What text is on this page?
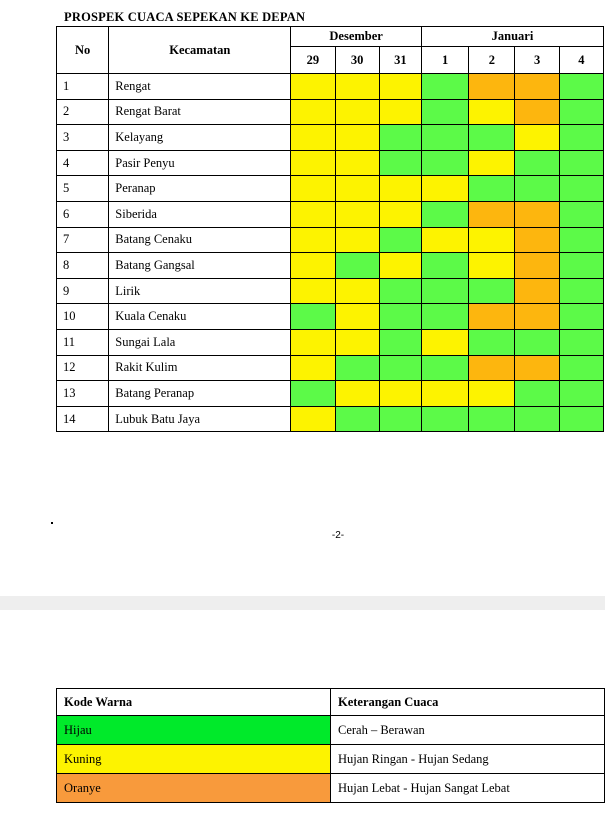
PROSPEK CUACA SEPEKAN KE DEPAN
No	Kecamatan	Desember			Januari			
		29	30	31	1	2	3	4
1	Rengat							
2	Rengat Barat							
3	Kelayang							
4	Pasir Penyu							
5	Peranap							
6	Siberida							
7	Batang Cenaku							
8	Batang Gangsal							
9	Lirik							
10	Kuala Cenaku							
11	Sungai Lala							
12	Rakit Kulim							
13	Batang Peranap							
14	Lubuk Batu Jaya							
-2-
Kode Warna	Keterangan Cuaca
Hijau	Cerah – Berawan
Kuning	Hujan Ringan - Hujan Sedang
Oranye	Hujan Lebat - Hujan Sangat Lebat
